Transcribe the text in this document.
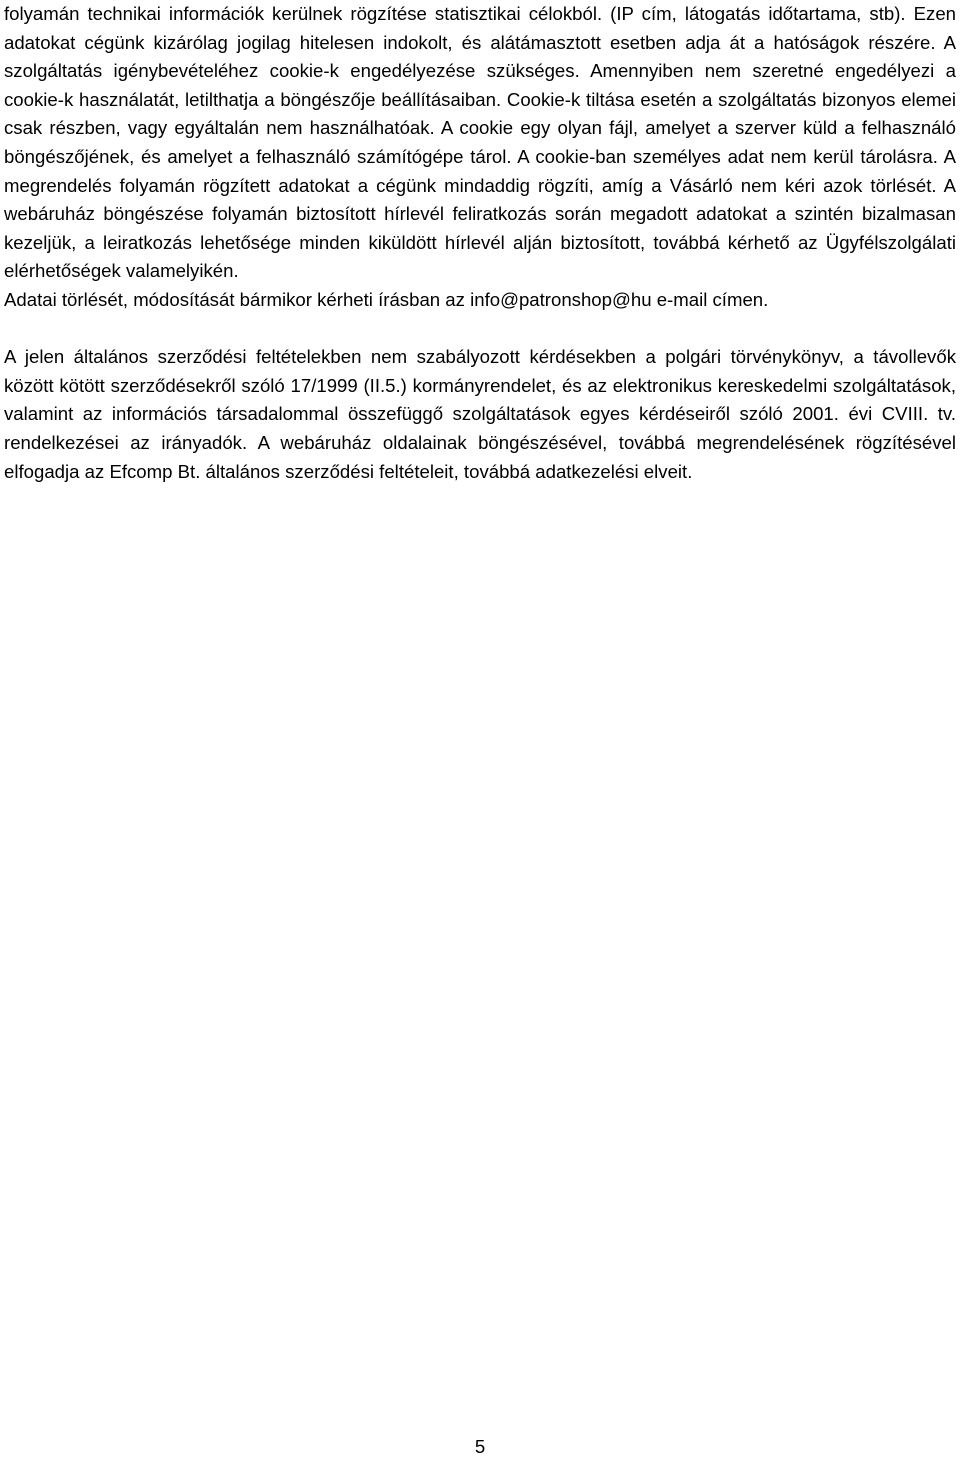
folyamán technikai információk kerülnek rögzítése statisztikai célokból. (IP cím, látogatás időtartama, stb). Ezen adatokat cégünk kizárólag jogilag hitelesen indokolt, és alátámasztott esetben adja át a hatóságok részére. A szolgáltatás igénybevételéhez cookie-k engedélyezése szükséges. Amennyiben nem szeretné engedélyezi a cookie-k használatát, letilthatja a böngészője beállításaiban. Cookie-k tiltása esetén a szolgáltatás bizonyos elemei csak részben, vagy egyáltalán nem használhatóak. A cookie egy olyan fájl, amelyet a szerver küld a felhasználó böngészőjének, és amelyet a felhasználó számítógépe tárol. A cookie-ban személyes adat nem kerül tárolásra. A megrendelés folyamán rögzített adatokat a cégünk mindaddig rögzíti, amíg a Vásárló nem kéri azok törlését. A webáruház böngészése folyamán biztosított hírlevél feliratkozás során megadott adatokat a szintén bizalmasan kezeljük, a leiratkozás lehetősége minden kiküldött hírlevél alján biztosított, továbbá kérhető az Ügyfélszolgálati elérhetőségek valamelyikén.

Adatai törlését, módosítását bármikor kérheti írásban az info@patronshop@hu e-mail címen.

A jelen általános szerződési feltételekben nem szabályozott kérdésekben a polgári törvénykönyv, a távollevők között kötött szerződésekről szóló 17/1999 (II.5.) kormányrendelet, és az elektronikus kereskedelmi szolgáltatások, valamint az információs társadalommal összefüggő szolgáltatások egyes kérdéseiről szóló 2001. évi CVIII. tv. rendelkezései az irányadók. A webáruház oldalainak böngészésével, továbbá megrendelésének rögzítésével elfogadja az Efcomp Bt. általános szerződési feltételeit, továbbá adatkezelési elveit.

5
